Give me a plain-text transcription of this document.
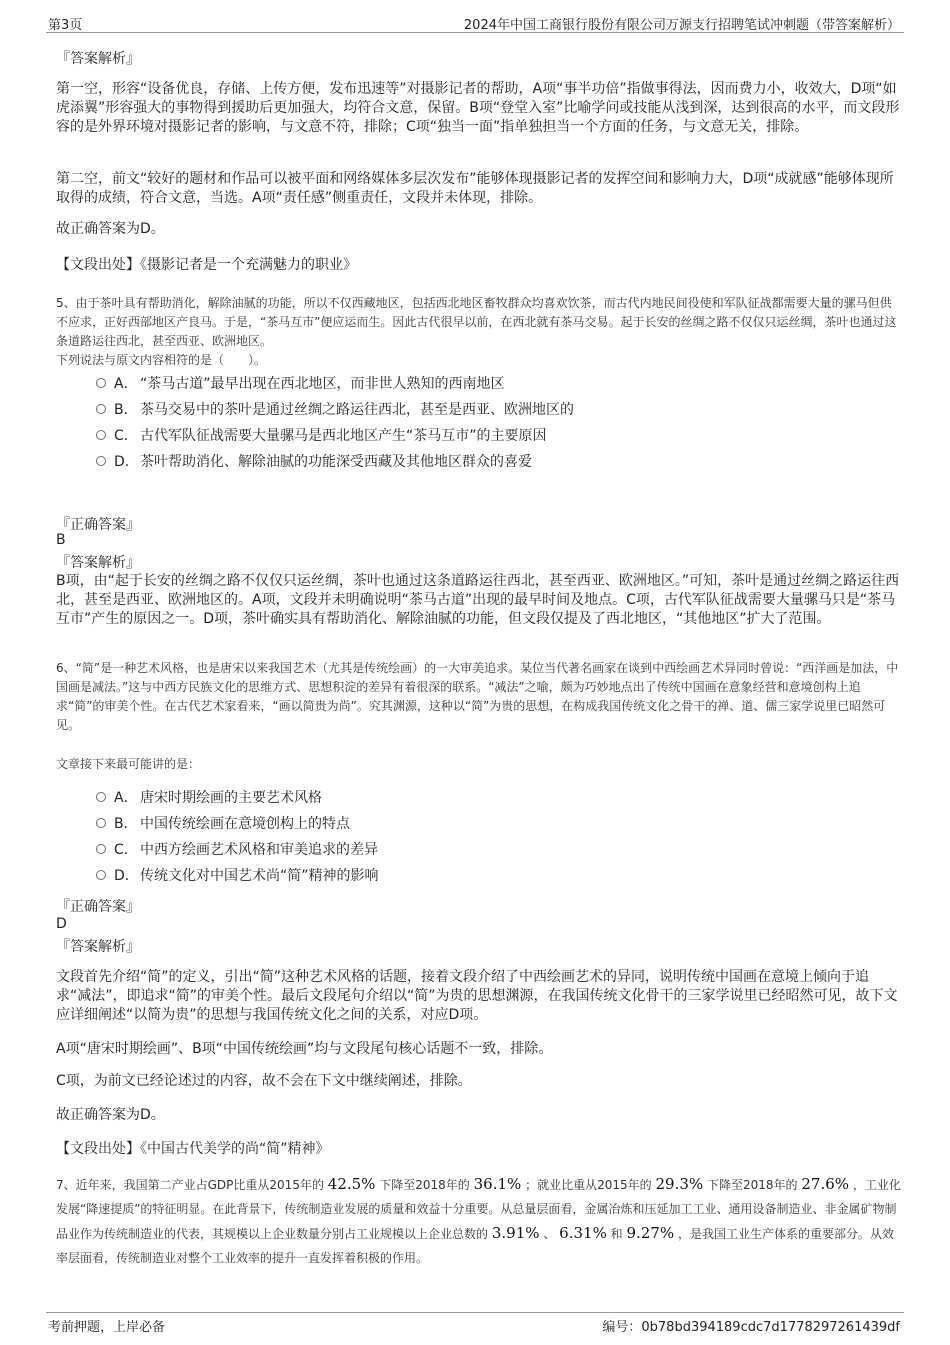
第3页	2024年中国工商银行股份有限公司万源支行招聘笔试冲刺题（带答案解析）
『答案解析』

第一空，形容“设备优良，存储、上传方便，发布迅速等”对摄影记者的帮助，A项“事半功倍”指做事得法，因而费力小，收效大，D项“如虎添翼”形容强大的事物得到援助后更加强大，均符合文意，保留。B项“登堂入室”比喻学问或技能从浅到深，达到很高的水平，而文段形容的是外界环境对摄影记者的影响，与文意不符，排除；C项“独当一面”指单独担当一个方面的任务，与文意无关，排除。

第二空，前文“较好的题材和作品可以被平面和网络媒体多层次发布”能够体现摄影记者的发挥空间和影响力大，D项“成就感”能够体现所取得的成绩，符合文意，当选。A项“责任感”侧重责任，文段并未体现，排除。

故正确答案为D。

【文段出处】《摄影记者是一个充满魅力的职业》

5、由于茶叶具有帮助消化，解除油腻的功能，所以不仅西藏地区，包括西北地区畜牧群众均喜欢饮茶，而古代内地民间役使和军队征战都需要大量的骡马但供不应求，正好西部地区产良马。于是，“茶马互市”便应运而生。因此古代很早以前，在西北就有茶马交易。起于长安的丝绸之路不仅仅只运丝绸，茶叶也通过这条道路运往西北，甚至西亚、欧洲地区。

下列说法与原文内容相符的是（　　）。

A． “茶马古道”最早出现在西北地区，而非世人熟知的西南地区
B． 茶马交易中的茶叶是通过丝绸之路运往西北，甚至是西亚、欧洲地区的
C． 古代军队征战需要大量骡马是西北地区产生“茶马互市”的主要原因
D．茶叶帮助消化、解除油腻的功能深受西藏及其他地区群众的喜爱
『正确答案』
B
『答案解析』

B项，由“起于长安的丝绸之路不仅仅只运丝绸，茶叶也通过这条道路运往西北，甚至西亚、欧洲地区。”可知，茶叶是通过丝绸之路运往西北，甚至是西亚、欧洲地区的。A项，文段并未明确说明“茶马古道”出现的最早时间及地点。C项，古代军队征战需要大量骡马只是“茶马互市”产生的原因之一。D项，茶叶确实具有帮助消化、解除油腻的功能，但文段仅提及了西北地区，“其他地区”扩大了范围。

6、“简”是一种艺术风格，也是唐宋以来我国艺术（尤其是传统绘画）的一大审美追求。某位当代著名画家在谈到中西绘画艺术异同时曾说：“西洋画是加法，中国画是减法。”这与中西方民族文化的思维方式、思想积淀的差异有着很深的联系。“减法”之喻，颇为巧妙地点出了传统中国画在意象经营和意境创构上追求“简”的审美个性。在古代艺术家看来，“画以简贵为尚”。究其渊源，这种以“简”为贵的思想，在构成我国传统文化之骨干的禅、道、儒三家学说里已昭然可见。

文章接下来最可能讲的是：

A． 唐宋时期绘画的主要艺术风格
B． 中国传统绘画在意境创构上的特点
C． 中西方绘画艺术风格和审美追求的差异
D．传统文化对中国艺术尚“简”精神的影响
『正确答案』
D
『答案解析』

文段首先介绍“简”的定义，引出“简”这种艺术风格的话题，接着文段介绍了中西绘画艺术的异同，说明传统中国画在意境上倾向于追求“减法”，即追求“简”的审美个性。最后文段尾句介绍以“简”为贵的思想渊源，在我国传统文化骨干的三家学说里已经昭然可见，故下文应详细阐述“以简为贵”的思想与我国传统文化之间的关系，对应D项。

A项“唐宋时期绘画”、B项“中国传统绘画”均与文段尾句核心话题不一致，排除。

C项，为前文已经论述过的内容，故不会在下文中继续阐述，排除。

故正确答案为D。

【文段出处】《中国古代美学的尚“简”精神》

7、近年来，我国第二产业占GDP比重从2015年的 42.5% 下降至2018年的 36.1% ；就业比重从2015年的 29.3% 下降至2018年的 27.6% ，工业化发展“降速提质”的特征明显。在此背景下，传统制造业发展的质量和效益十分重要。从总量层面看，金属冶炼和压延加工工业、通用设备制造业、非金属矿物制品业作为传统制造业的代表，其规模以上企业数量分别占工业规模以上企业总数的 3.91% 、 6.31% 和 9.27% ，是我国工业生产体系的重要部分。从效率层面看，传统制造业对整个工业效率的提升一直发挥着积极的作用。

考前押题，上岸必备	编号：0b78bd394189cdc7d1778297261439df
